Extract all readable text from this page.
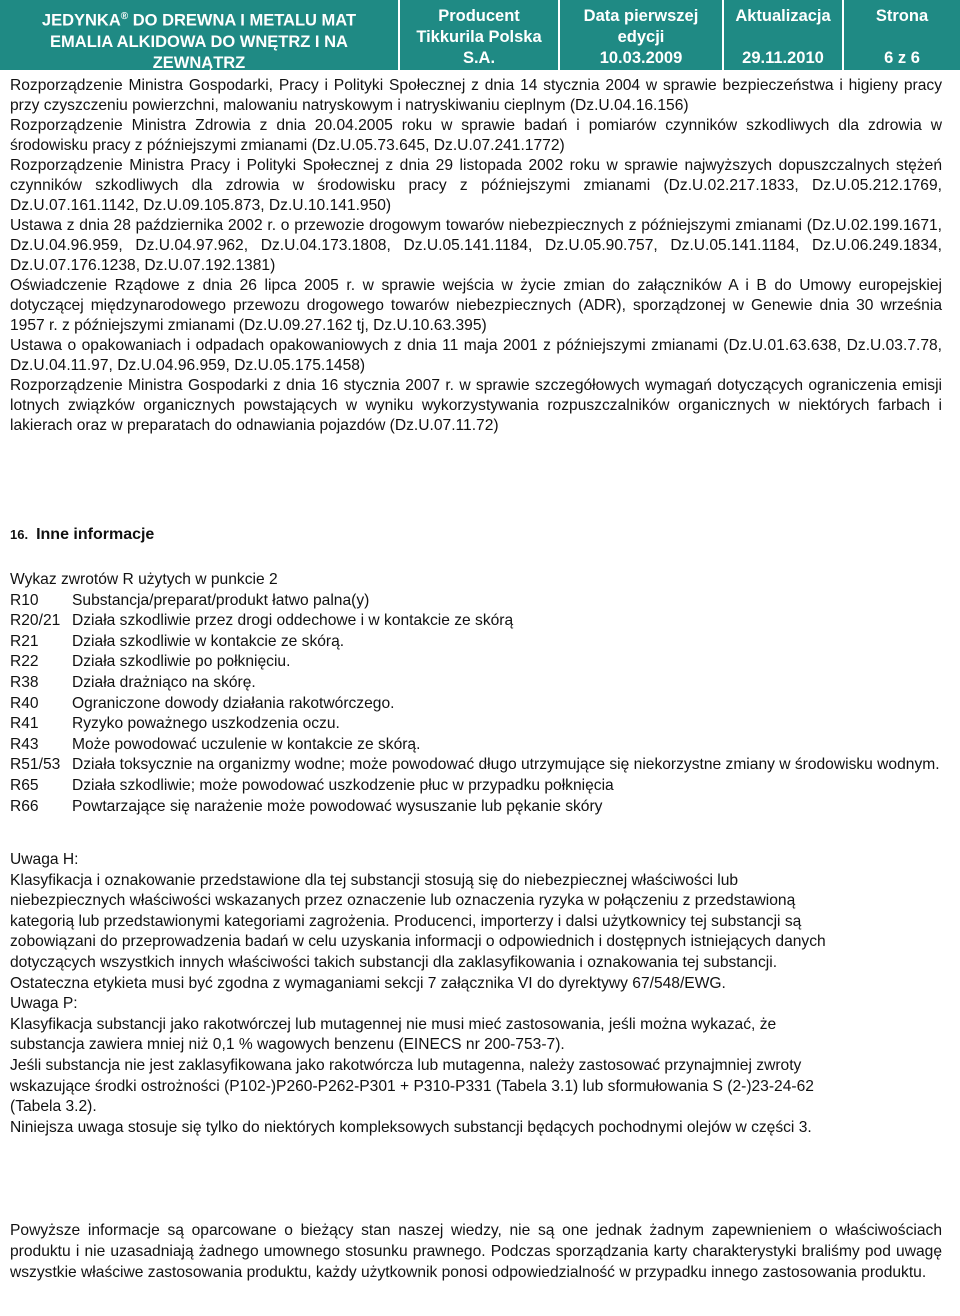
JEDYNKA® DO DREWNA I METALU MAT
EMALIA ALKIDOWA DO WNĘTRZ I NA
ZEWNĄTRZ
Producent
Tikkurila Polska
S.A.
Data pierwszej
edycji
10.03.2009
Aktualizacja
29.11.2010
Strona
6 z 6

Rozporządzenie Ministra Gospodarki, Pracy i Polityki Społecznej z dnia 14 stycznia 2004 w sprawie bezpieczeństwa i higieny pracy przy czyszczeniu powierzchni, malowaniu natryskowym i natryskiwaniu cieplnym (Dz.U.04.16.156)

Rozporządzenie Ministra Zdrowia z dnia 20.04.2005 roku w sprawie badań i pomiarów czynników szkodliwych dla zdrowia w środowisku pracy z późniejszymi zmianami (Dz.U.05.73.645, Dz.U.07.241.1772)

Rozporządzenie Ministra Pracy i Polityki Społecznej z dnia 29 listopada 2002 roku w sprawie najwyższych dopuszczalnych stężeń czynników szkodliwych dla zdrowia w środowisku pracy z późniejszymi zmianami (Dz.U.02.217.1833, Dz.U.05.212.1769, Dz.U.07.161.1142, Dz.U.09.105.873, Dz.U.10.141.950)

Ustawa z dnia 28 października 2002 r. o przewozie drogowym towarów niebezpiecznych z późniejszymi zmianami (Dz.U.02.199.1671, Dz.U.04.96.959, Dz.U.04.97.962, Dz.U.04.173.1808, Dz.U.05.141.1184, Dz.U.05.90.757, Dz.U.05.141.1184, Dz.U.06.249.1834, Dz.U.07.176.1238, Dz.U.07.192.1381)

Oświadczenie Rządowe z dnia 26 lipca 2005 r. w sprawie wejścia w życie zmian do załączników A i B do Umowy europejskiej dotyczącej międzynarodowego przewozu drogowego towarów niebezpiecznych (ADR), sporządzonej w Genewie dnia 30 września 1957 r. z późniejszymi zmianami (Dz.U.09.27.162 tj, Dz.U.10.63.395)

Ustawa o opakowaniach i odpadach opakowaniowych z dnia 11 maja 2001 z późniejszymi zmianami (Dz.U.01.63.638, Dz.U.03.7.78, Dz.U.04.11.97, Dz.U.04.96.959, Dz.U.05.175.1458)

Rozporządzenie Ministra Gospodarki z dnia 16 stycznia 2007 r. w sprawie szczegółowych wymagań dotyczących ograniczenia emisji lotnych związków organicznych powstających w wyniku wykorzystywania rozpuszczalników organicznych w niektórych farbach i lakierach oraz w preparatach do odnawiania pojazdów (Dz.U.07.11.72)

16. Inne informacje
Wykaz zwrotów R użytych w punkcie 2
R10	Substancja/preparat/produkt łatwo palna(y)
R20/21 Działa szkodliwie przez drogi oddechowe i w kontakcie ze skórą
R21	Działa szkodliwie w kontakcie ze skórą.
R22	Działa szkodliwie po połknięciu.
R38	Działa drażniąco na skórę.
R40	Ograniczone dowody działania rakotwórczego.
R41	Ryzyko poważnego uszkodzenia oczu.
R43	Może powodować uczulenie w kontakcie ze skórą.
R51/53 Działa toksycznie na organizmy wodne; może powodować długo utrzymujące się niekorzystne zmiany w środowisku wodnym.
R65	Działa szkodliwie; może powodować uszkodzenie płuc w przypadku połknięcia
R66	Powtarzające się narażenie może powodować wysuszanie lub pękanie skóry
Uwaga H:
Klasyfikacja i oznakowanie przedstawione dla tej substancji stosują się do niebezpiecznej właściwości lub niebezpiecznych właściwości wskazanych przez oznaczenie lub oznaczenia ryzyka w połączeniu z przedstawioną kategorią lub przedstawionymi kategoriami zagrożenia. Producenci, importerzy i dalsi użytkownicy tej substancji są zobowiązani do przeprowadzenia badań w celu uzyskania informacji o odpowiednich i dostępnych istniejących danych dotyczących wszystkich innych właściwości takich substancji dla zaklasyfikowania i oznakowania tej substancji. Ostateczna etykieta musi być zgodna z wymaganiami sekcji 7 załącznika VI do dyrektywy 67/548/EWG.
Uwaga P:
Klasyfikacja substancji jako rakotwórczej lub mutagennej nie musi mieć zastosowania, jeśli można wykazać, że substancja zawiera mniej niż 0,1 % wagowych benzenu (EINECS nr 200-753-7).
Jeśli substancja nie jest zaklasyfikowana jako rakotwórcza lub mutagenna, należy zastosować przynajmniej zwroty wskazujące środki ostrożności (P102-)P260-P262-P301 + P310-P331 (Tabela 3.1) lub sformułowania S (2-)23-24-62 (Tabela 3.2).
Niniejsza uwaga stosuje się tylko do niektórych kompleksowych substancji będących pochodnymi olejów w części 3.
Powyższe informacje są oparcowane o bieżący stan naszej wiedzy, nie są one jednak żadnym zapewnieniem o właściwościach produktu i nie uzasadniają żadnego umownego stosunku prawnego. Podczas sporządzania karty charakterystyki braliśmy pod uwagę wszystkie właściwe zastosowania produktu, każdy użytkownik ponosi odpowiedzialność w przypadku innego zastosowania produktu.
